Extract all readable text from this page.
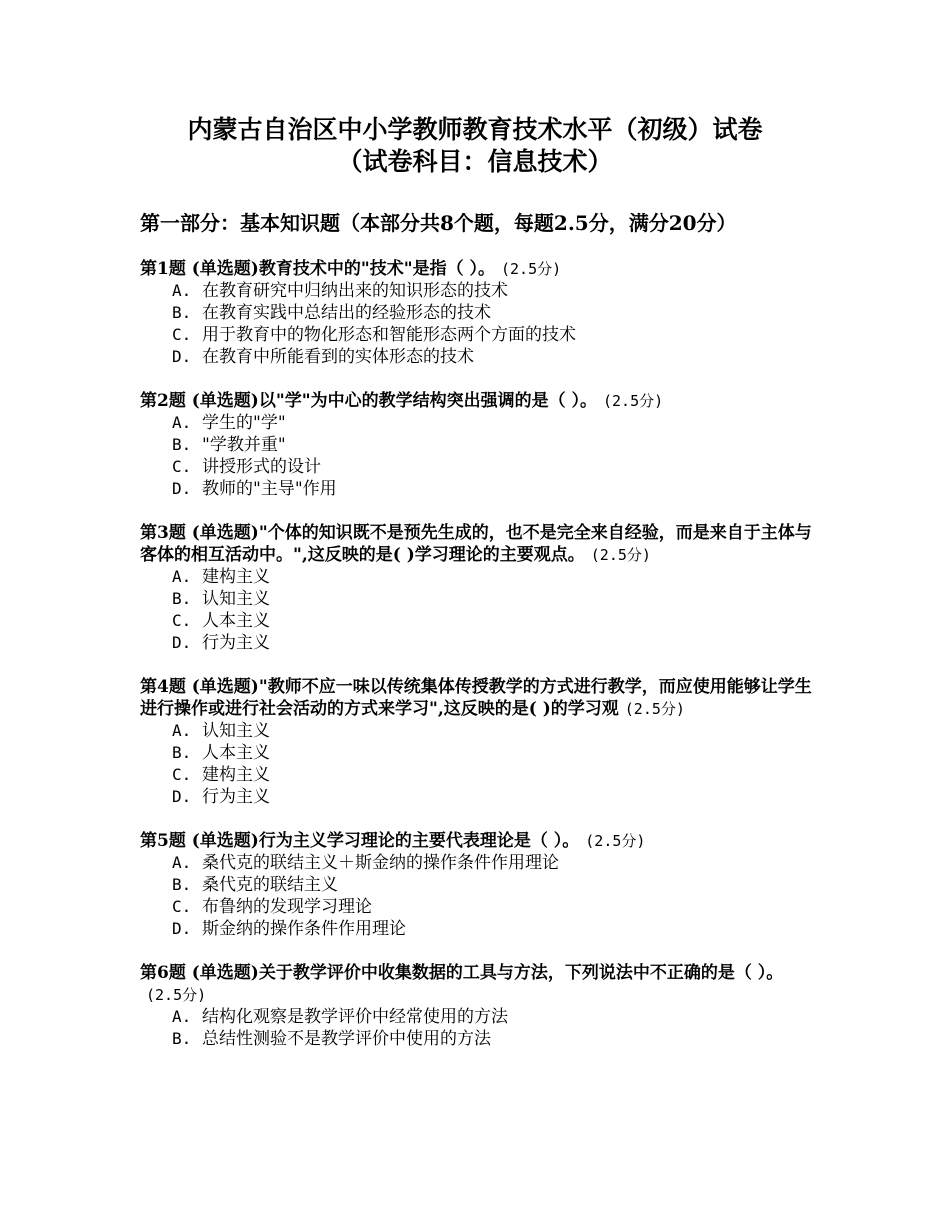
内蒙古自治区中小学教师教育技术水平（初级）试卷
（试卷科目：信息技术）
第一部分：基本知识题（本部分共8个题，每题2.5分，满分20分）
第1题 (单选题)教育技术中的"技术"是指（ ）。 (2.5分)
A. 在教育研究中归纳出来的知识形态的技术
B. 在教育实践中总结出的经验形态的技术
C. 用于教育中的物化形态和智能形态两个方面的技术
D. 在教育中所能看到的实体形态的技术
第2题 (单选题)以"学"为中心的教学结构突出强调的是（ ）。 (2.5分)
A. 学生的"学"
B. "学教并重"
C. 讲授形式的设计
D. 教师的"主导"作用
第3题 (单选题)"个体的知识既不是预先生成的，也不是完全来自经验，而是来自于主体与客体的相互活动中。",这反映的是( )学习理论的主要观点。 (2.5分)
A. 建构主义
B. 认知主义
C. 人本主义
D. 行为主义
第4题 (单选题)"教师不应一味以传统集体传授教学的方式进行教学，而应使用能够让学生进行操作或进行社会活动的方式来学习",这反映的是( )的学习观 (2.5分)
A. 认知主义
B. 人本主义
C. 建构主义
D. 行为主义
第5题 (单选题)行为主义学习理论的主要代表理论是（ ）。 (2.5分)
A. 桑代克的联结主义＋斯金纳的操作条件作用理论
B. 桑代克的联结主义
C. 布鲁纳的发现学习理论
D. 斯金纳的操作条件作用理论
第6题 (单选题)关于教学评价中收集数据的工具与方法，下列说法中不正确的是（ ）。(2.5分)
A. 结构化观察是教学评价中经常使用的方法
B. 总结性测验不是教学评价中使用的方法
